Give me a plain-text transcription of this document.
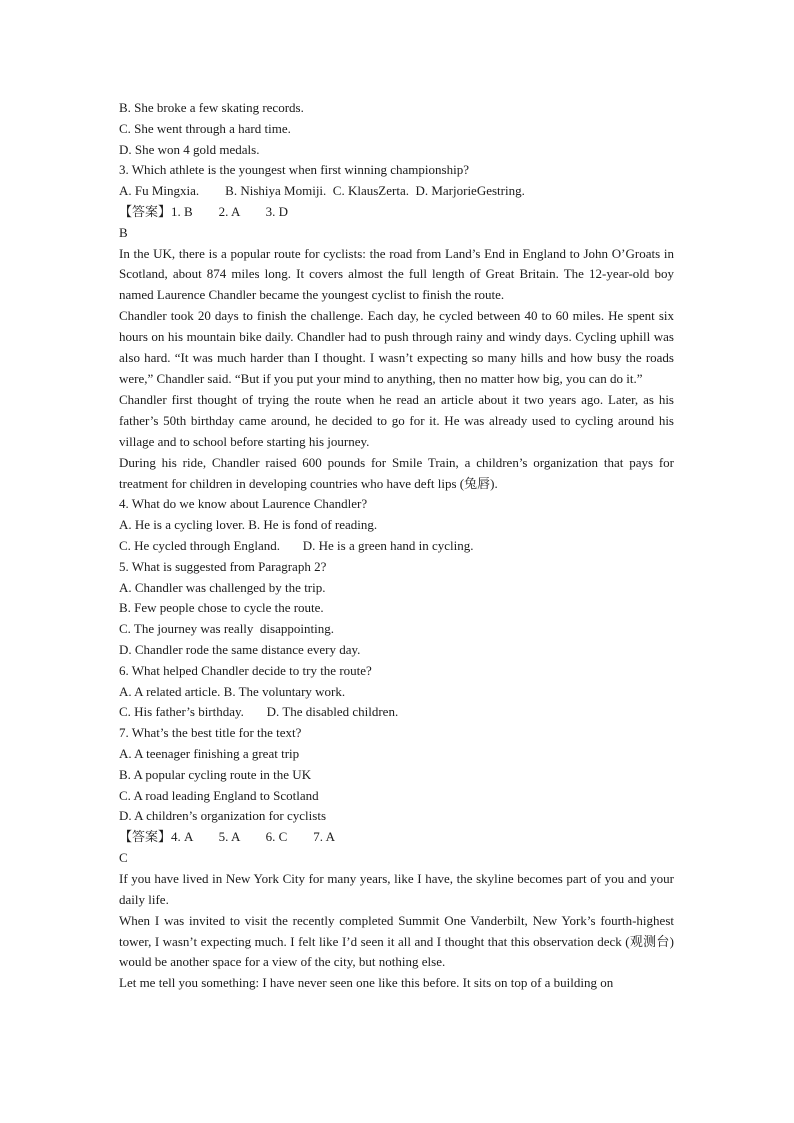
B. She broke a few skating records.
C. She went through a hard time.
D. She won 4 gold medals.
3. Which athlete is the youngest when first winning championship?
A. Fu Mingxia.        B. Nishiya Momiji.  C. KlausZerta.  D. MarjorieGestring.
【答案】1. B        2. A        3. D
B

In the UK, there is a popular route for cyclists: the road from Land’s End in England to John O’Groats in Scotland, about 874 miles long. It covers almost the full length of Great Britain. The 12-year-old boy named Laurence Chandler became the youngest cyclist to finish the route.

Chandler took 20 days to finish the challenge. Each day, he cycled between 40 to 60 miles. He spent six hours on his mountain bike daily. Chandler had to push through rainy and windy days. Cycling uphill was also hard. “It was much harder than I thought. I wasn’t expecting so many hills and how busy the roads were,” Chandler said. “But if you put your mind to anything, then no matter how big, you can do it.”

Chandler first thought of trying the route when he read an article about it two years ago. Later, as his father’s 50th birthday came around, he decided to go for it. He was already used to cycling around his village and to school before starting his journey.

During his ride, Chandler raised 600 pounds for Smile Train, a children’s organization that pays for treatment for children in developing countries who have deft lips (兔唇).

4. What do we know about Laurence Chandler?
A. He is a cycling lover. B. He is fond of reading.
C. He cycled through England.       D. He is a green hand in cycling.
5. What is suggested from Paragraph 2?
A. Chandler was challenged by the trip.
B. Few people chose to cycle the route.
C. The journey was really  disappointing.
D. Chandler rode the same distance every day.
6. What helped Chandler decide to try the route?
A. A related article. B. The voluntary work.
C. His father’s birthday.       D. The disabled children.
7. What’s the best title for the text?
A. A teenager finishing a great trip
B. A popular cycling route in the UK
C. A road leading England to Scotland
D. A children’s organization for cyclists
【答案】4. A        5. A        6. C        7. A
C

If you have lived in New York City for many years, like I have, the skyline becomes part of you and your daily life.

When I was invited to visit the recently completed Summit One Vanderbilt, New York’s fourth-highest tower, I wasn’t expecting much. I felt like I’d seen it all and I thought that this observation deck (观测台) would be another space for a view of the city, but nothing else.

Let me tell you something: I have never seen one like this before. It sits on top of a building on
